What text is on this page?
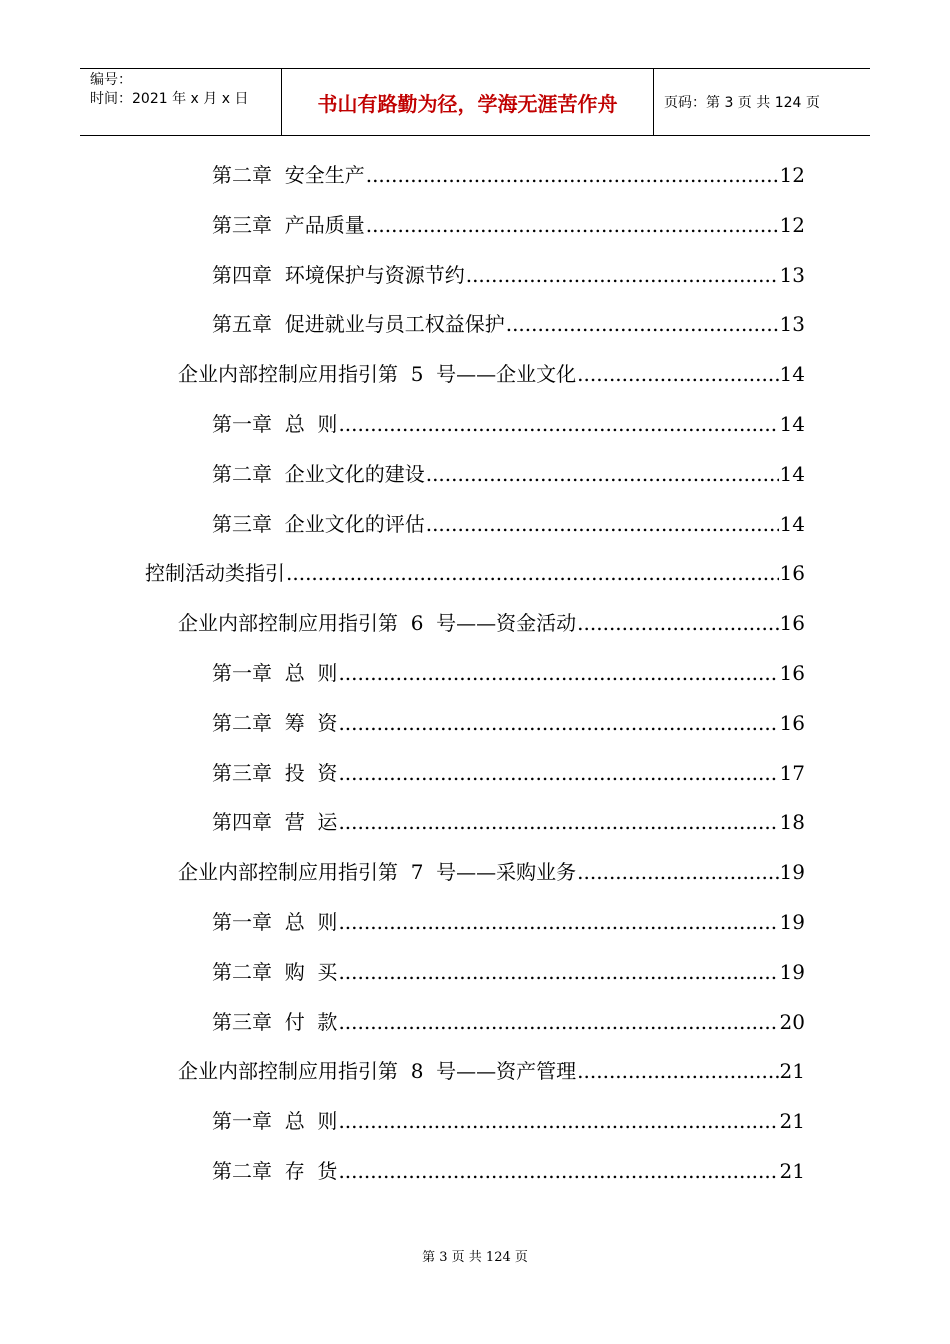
编号：
时间：2021 年 x 月 x 日	书山有路勤为径，学海无涯苦作舟	页码：第 3 页 共 124 页
第二章  安全生产 .....	12
第三章  产品质量 .....	12
第四章  环境保护与资源节约 .....	13
第五章  促进就业与员工权益保护 .....	13
企业内部控制应用指引第  5  号——企业文化 .....	14
第一章  总  则 .....	14
第二章  企业文化的建设 .....	14
第三章  企业文化的评估 .....	14
控制活动类指引 .....	16
企业内部控制应用指引第  6  号——资金活动 .....	16
第一章  总  则 .....	16
第二章  筹  资 .....	16
第三章  投  资 .....	17
第四章  营  运 .....	18
企业内部控制应用指引第  7  号——采购业务 .....	19
第一章  总  则 .....	19
第二章  购  买 .....	19
第三章  付  款 .....	20
企业内部控制应用指引第  8  号——资产管理 .....	21
第一章  总  则 .....	21
第二章  存  货 .....	21
第 3 页 共 124 页
